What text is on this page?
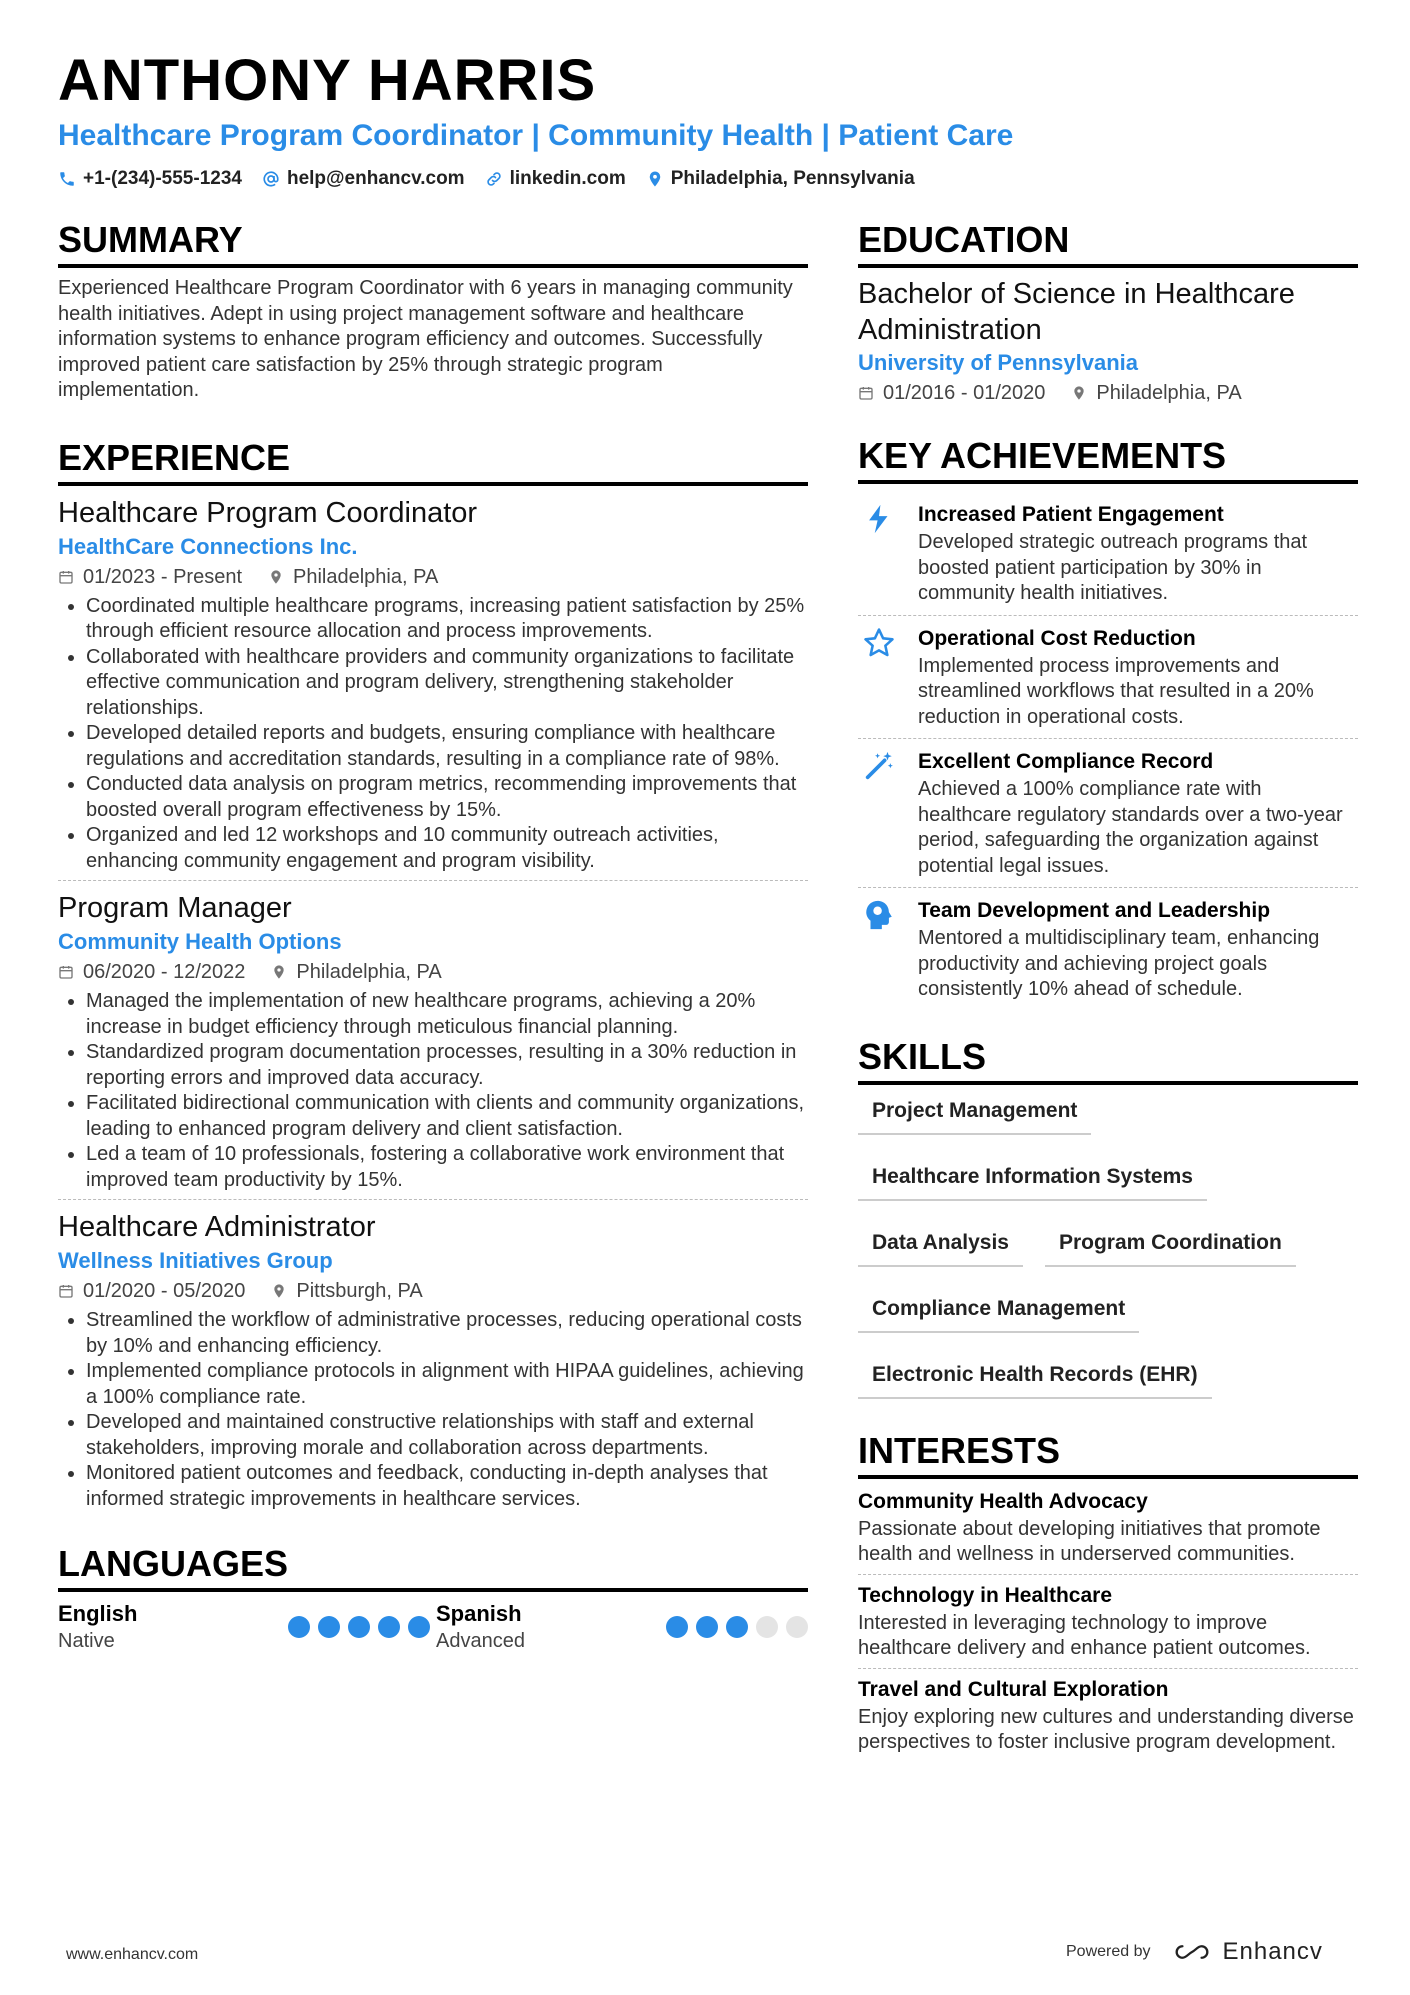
ANTHONY HARRIS
Healthcare Program Coordinator | Community Health | Patient Care
+1-(234)-555-1234 help@enhancv.com linkedin.com Philadelphia, Pennsylvania
SUMMARY
Experienced Healthcare Program Coordinator with 6 years in managing community health initiatives. Adept in using project management software and healthcare information systems to enhance program efficiency and outcomes. Successfully improved patient care satisfaction by 25% through strategic program implementation.
EXPERIENCE
Healthcare Program Coordinator
HealthCare Connections Inc.
01/2023 - Present	Philadelphia, PA
• Coordinated multiple healthcare programs, increasing patient satisfaction by 25% through efficient resource allocation and process improvements.
• Collaborated with healthcare providers and community organizations to facilitate effective communication and program delivery, strengthening stakeholder relationships.
• Developed detailed reports and budgets, ensuring compliance with healthcare regulations and accreditation standards, resulting in a compliance rate of 98%.
• Conducted data analysis on program metrics, recommending improvements that boosted overall program effectiveness by 15%.
• Organized and led 12 workshops and 10 community outreach activities, enhancing community engagement and program visibility.
Program Manager
Community Health Options
06/2020 - 12/2022	Philadelphia, PA
• Managed the implementation of new healthcare programs, achieving a 20% increase in budget efficiency through meticulous financial planning.
• Standardized program documentation processes, resulting in a 30% reduction in reporting errors and improved data accuracy.
• Facilitated bidirectional communication with clients and community organizations, leading to enhanced program delivery and client satisfaction.
• Led a team of 10 professionals, fostering a collaborative work environment that improved team productivity by 15%.
Healthcare Administrator
Wellness Initiatives Group
01/2020 - 05/2020	Pittsburgh, PA
• Streamlined the workflow of administrative processes, reducing operational costs by 10% and enhancing efficiency.
• Implemented compliance protocols in alignment with HIPAA guidelines, achieving a 100% compliance rate.
• Developed and maintained constructive relationships with staff and external stakeholders, improving morale and collaboration across departments.
• Monitored patient outcomes and feedback, conducting in-depth analyses that informed strategic improvements in healthcare services.
LANGUAGES
English
Native
Spanish
Advanced
EDUCATION
Bachelor of Science in Healthcare Administration
University of Pennsylvania
01/2016 - 01/2020	Philadelphia, PA
KEY ACHIEVEMENTS
Increased Patient Engagement
Developed strategic outreach programs that boosted patient participation by 30% in community health initiatives.
Operational Cost Reduction
Implemented process improvements and streamlined workflows that resulted in a 20% reduction in operational costs.
Excellent Compliance Record
Achieved a 100% compliance rate with healthcare regulatory standards over a two-year period, safeguarding the organization against potential legal issues.
Team Development and Leadership
Mentored a multidisciplinary team, enhancing productivity and achieving project goals consistently 10% ahead of schedule.
SKILLS
Project Management
Healthcare Information Systems
Data Analysis	Program Coordination
Compliance Management
Electronic Health Records (EHR)
INTERESTS
Community Health Advocacy
Passionate about developing initiatives that promote health and wellness in underserved communities.
Technology in Healthcare
Interested in leveraging technology to improve healthcare delivery and enhance patient outcomes.
Travel and Cultural Exploration
Enjoy exploring new cultures and understanding diverse perspectives to foster inclusive program development.
www.enhancv.com	Powered by	Enhancv
